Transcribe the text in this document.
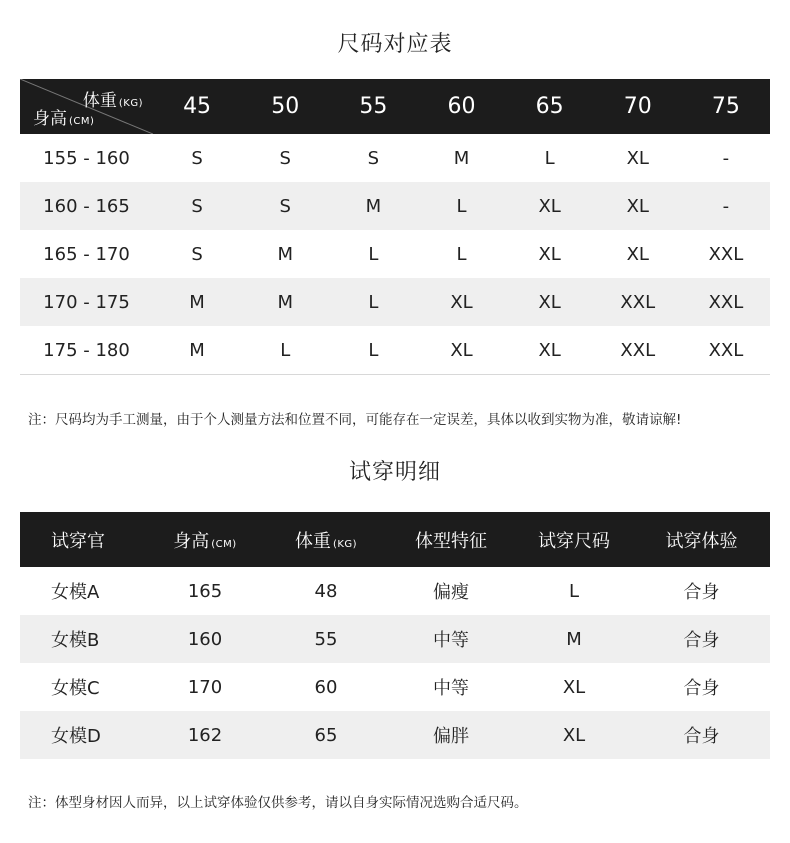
尺码对应表
体重 (KG)
身高 (CM)	45	50	55	60	65	70	75
155 - 160	S	S	S	M	L	XL	-
160 - 165	S	S	M	L	XL	XL	-
165 - 170	S	M	L	L	XL	XL	XXL
170 - 175	M	M	L	XL	XL	XXL	XXL
175 - 180	M	L	L	XL	XL	XXL	XXL
注：尺码均为手工测量，由于个人测量方法和位置不同，可能存在一定误差，具体以收到实物为准，敬请谅解!
试穿明细
试穿官	身高 (CM)	体重 (KG)	体型特征	试穿尺码	试穿体验
女模A	165	48	偏瘦	L	合身
女模B	160	55	中等	M	合身
女模C	170	60	中等	XL	合身
女模D	162	65	偏胖	XL	合身
注：体型身材因人而异，以上试穿体验仅供参考，请以自身实际情况选购合适尺码。
